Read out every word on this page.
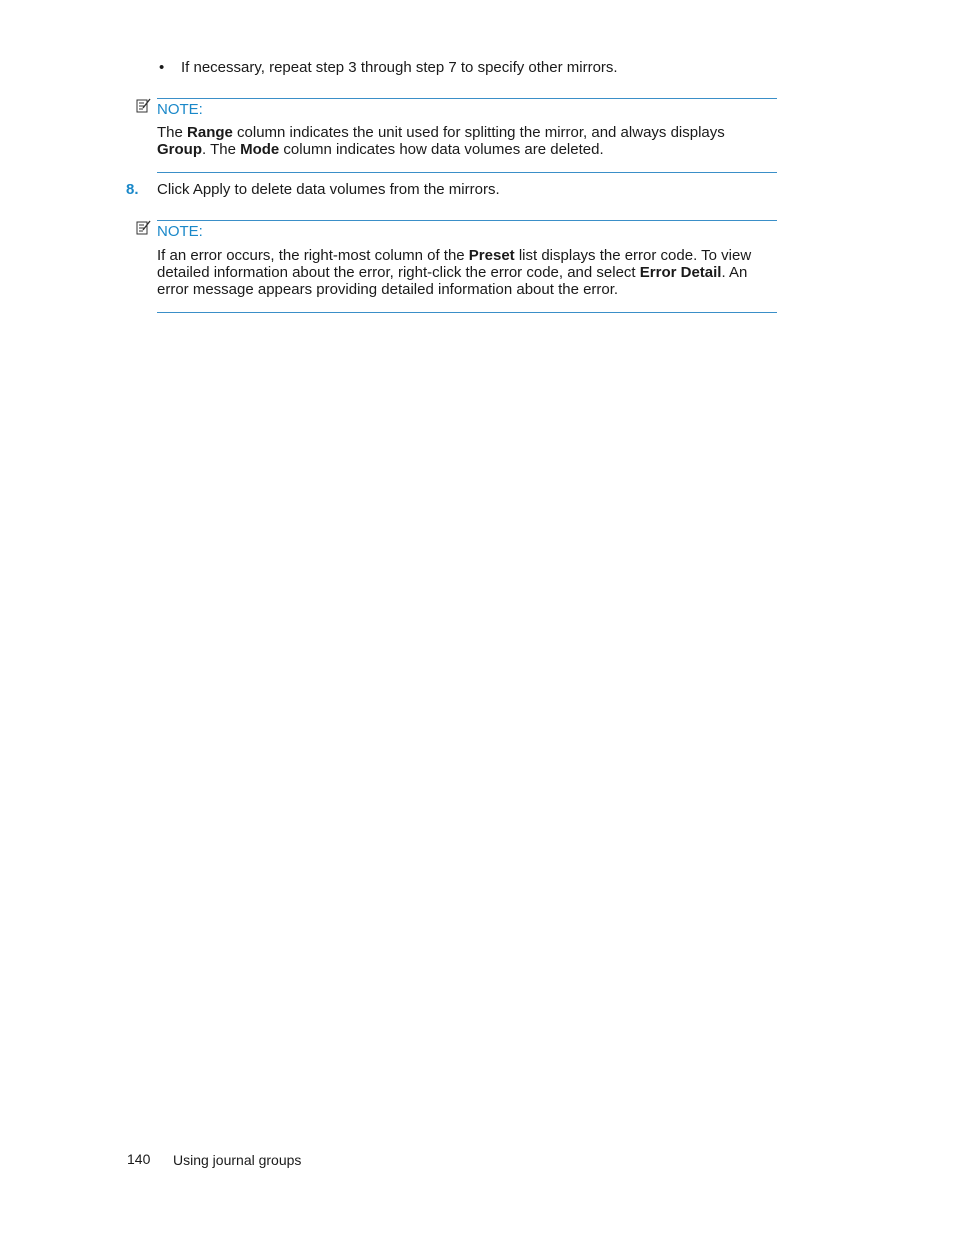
• If necessary, repeat step 3 through step 7 to specify other mirrors.
NOTE:
The Range column indicates the unit used for splitting the mirror, and always displays
Group. The Mode column indicates how data volumes are deleted.
8. Click Apply to delete data volumes from the mirrors.
NOTE:
If an error occurs, the right-most column of the Preset list displays the error code. To view
detailed information about the error, right-click the error code, and select Error Detail. An
error message appears providing detailed information about the error.
140 Using journal groups
